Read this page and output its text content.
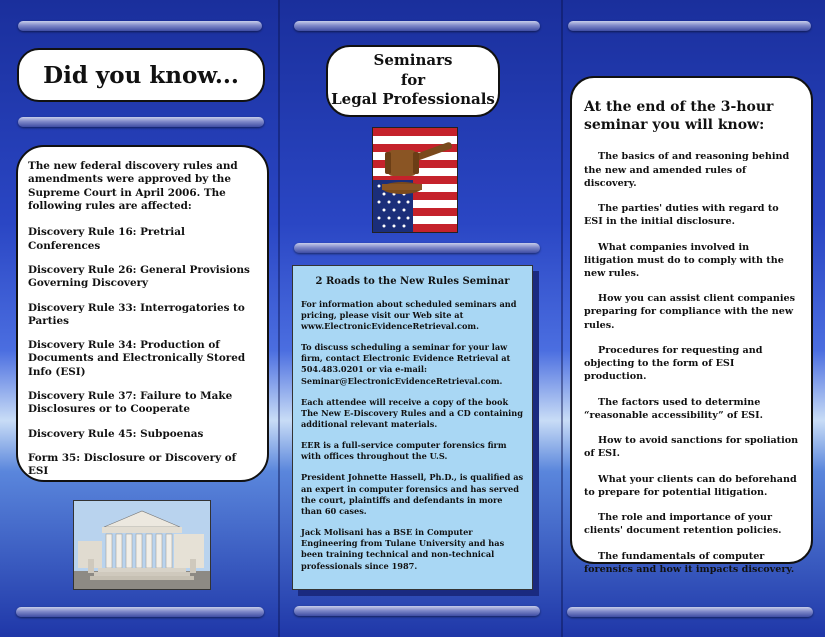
Did you know...

The new federal discovery rules and amendments were approved by the Supreme Court in April 2006. The following rules are affected:

Discovery Rule 16: Pretrial Conferences

Discovery Rule 26: General Provisions Governing Discovery

Discovery Rule 33: Interrogatories to Parties

Discovery Rule 34: Production of Documents and Electronically Stored Info (ESI)

Discovery Rule 37: Failure to Make Disclosures or to Cooperate

Discovery Rule 45: Subpoenas

Form 35: Disclosure or Discovery of ESI

Seminars
for
Legal Professionals
2 Roads to the New Rules Seminar

For information about scheduled seminars and pricing, please visit our Web site at www.ElectronicEvidenceRetrieval.com.

To discuss scheduling a seminar for your law firm, contact Electronic Evidence Retrieval at 504.483.0201 or via e-mail: Seminar@ElectronicEvidenceRetrieval.com.

Each attendee will receive a copy of the book The New E-Discovery Rules and a CD containing additional relevant materials.

EER is a full-service computer forensics firm with offices throughout the U.S.

President Johnette Hassell, Ph.D., is qualified as an expert in computer forensics and has served the court, plaintiffs and defendants in more than 60 cases.

Jack Molisani has a BSE in Computer Engineering from Tulane University and has been training technical and non-technical professionals since 1987.

At the end of the 3-hour seminar you will know:

The basics of and reasoning behind the new and amended rules of discovery.

The parties' duties with regard to ESI in the initial disclosure.

What companies involved in litigation must do to comply with the new rules.

How you can assist client companies preparing for compliance with the new rules.

Procedures for requesting and objecting to the form of ESI production.

The factors used to determine “reasonable accessibility” of ESI.

How to avoid sanctions for spoliation of ESI.

What your clients can do beforehand to prepare for potential litigation.

The role and importance of your clients' document retention policies.

The fundamentals of computer forensics and how it impacts discovery.
